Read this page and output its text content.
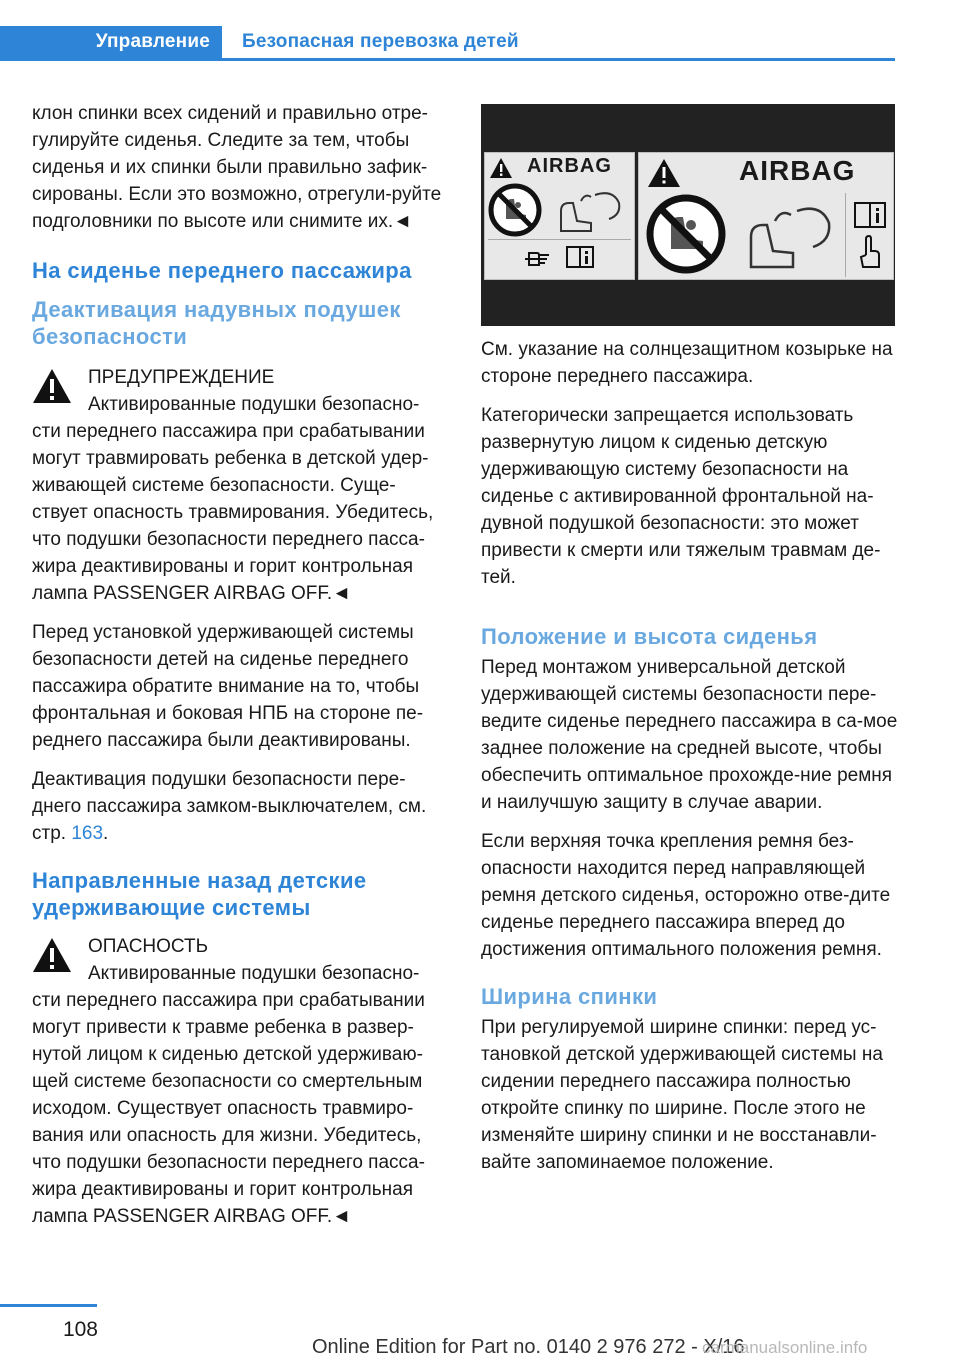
Управление	Безопасная перевозка детей

клон спинки всех сидений и правильно отре-гулируйте сиденья. Следите за тем, чтобы сиденья и их спинки были правильно зафик-сированы. Если это возможно, отрегули-руйте подголовники по высоте или снимите их.◄

На сиденье переднего пассажира
Деактивация надувных подушек безопасности

ПРЕДУПРЕЖДЕНИЕ

Активированные подушки безопасно-

сти переднего пассажира при срабатывании могут травмировать ребенка в детской удер-живающей системе безопасности. Суще-ствует опасность травмирования. Убедитесь, что подушки безопасности переднего пасса-жира деактивированы и горит контрольная лампа PASSENGER AIRBAG OFF.◄

Перед установкой удерживающей системы безопасности детей на сиденье переднего пассажира обратите внимание на то, чтобы фронтальная и боковая НПБ на стороне пе-реднего пассажира были деактивированы.

Деактивация подушки безопасности пере-днего пассажира замком-выключателем, см. стр. 163.

Направленные назад детские удерживающие системы

ОПАСНОСТЬ

Активированные подушки безопасно-

сти переднего пассажира при срабатывании могут привести к травме ребенка в развер-нутой лицом к сиденью детской удерживаю-щей системе безопасности со смертельным исходом. Существует опасность травмиро-вания или опасность для жизни. Убедитесь, что подушки безопасности переднего пасса-жира деактивированы и горит контрольная лампа PASSENGER AIRBAG OFF.◄

AIRBAG	AIRBAG

См. указание на солнцезащитном козырьке на стороне переднего пассажира.

Категорически запрещается использовать развернутую лицом к сиденью детскую удерживающую систему безопасности на сиденье с активированной фронтальной на-дувной подушкой безопасности: это может привести к смерти или тяжелым травмам де-тей.

Положение и высота сиденья

Перед монтажом универсальной детской удерживающей системы безопасности пере-ведите сиденье переднего пассажира в са-мое заднее положение на средней высоте, чтобы обеспечить оптимальное прохожде-ние ремня и наилучшую защиту в случае аварии.

Если верхняя точка крепления ремня без-опасности находится перед направляющей ремня детского сиденья, осторожно отве-дите сиденье переднего пассажира вперед до достижения оптимального положения ремня.

Ширина спинки

При регулируемой ширине спинки: перед ус-тановкой детской удерживающей системы на сидении переднего пассажира полностью откройте спинку по ширине. После этого не изменяйте ширину спинки и не восстанавли-вайте запоминаемое положение.

108
Online Edition for Part no. 0140 2 976 272 - X/16
carmanualsonline.info
